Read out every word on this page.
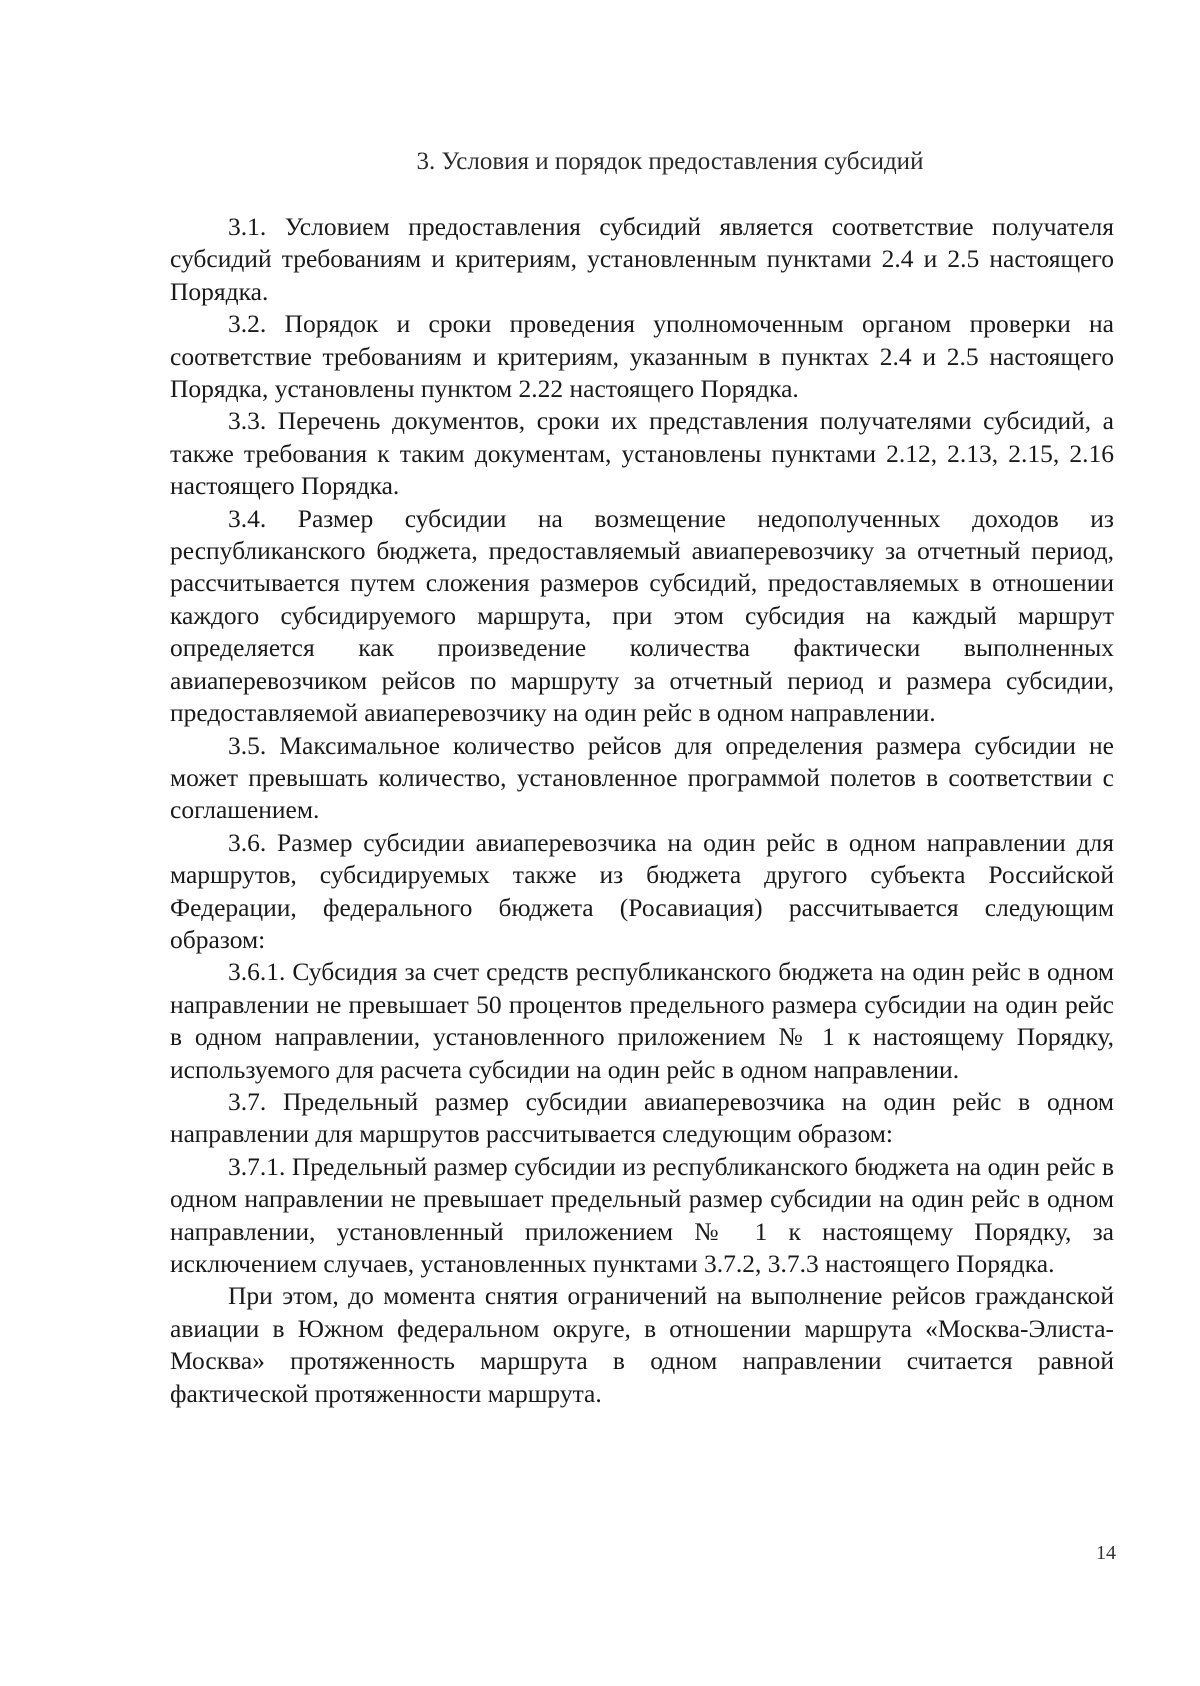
3. Условия и порядок предоставления субсидий

3.1. Условием предоставления субсидий является соответствие получателя субсидий требованиям и критериям, установленным пунктами 2.4 и 2.5 настоящего Порядка.

3.2. Порядок и сроки проведения уполномоченным органом проверки на соответствие требованиям и критериям, указанным в пунктах 2.4 и 2.5 настоящего Порядка, установлены пунктом 2.22 настоящего Порядка.

3.3. Перечень документов, сроки их представления получателями субсидий, а также требования к таким документам, установлены пунктами 2.12, 2.13, 2.15, 2.16 настоящего Порядка.

3.4. Размер субсидии на возмещение недополученных доходов из республиканского бюджета, предоставляемый авиаперевозчику за отчетный период, рассчитывается путем сложения размеров субсидий, предоставляемых в отношении каждого субсидируемого маршрута, при этом субсидия на каждый маршрут определяется как произведение количества фактически выполненных авиаперевозчиком рейсов по маршруту за отчетный период и размера субсидии, предоставляемой авиаперевозчику на один рейс в одном направлении.

3.5. Максимальное количество рейсов для определения размера субсидии не может превышать количество, установленное программой полетов в соответствии с соглашением.

3.6. Размер субсидии авиаперевозчика на один рейс в одном направлении для маршрутов, субсидируемых также из бюджета другого субъекта Российской Федерации, федерального бюджета (Росавиация) рассчитывается следующим образом:

3.6.1. Субсидия за счет средств республиканского бюджета на один рейс в одном направлении не превышает 50 процентов предельного размера субсидии на один рейс в одном направлении, установленного приложением № 1 к настоящему Порядку, используемого для расчета субсидии на один рейс в одном направлении.

3.7. Предельный размер субсидии авиаперевозчика на один рейс в одном направлении для маршрутов рассчитывается следующим образом:

3.7.1. Предельный размер субсидии из республиканского бюджета на один рейс в одном направлении не превышает предельный размер субсидии на один рейс в одном направлении, установленный приложением № 1 к настоящему Порядку, за исключением случаев, установленных пунктами 3.7.2, 3.7.3 настоящего Порядка.

При этом, до момента снятия ограничений на выполнение рейсов гражданской авиации в Южном федеральном округе, в отношении маршрута «Москва-Элиста-Москва» протяженность маршрута в одном направлении считается равной фактической протяженности маршрута.

14
